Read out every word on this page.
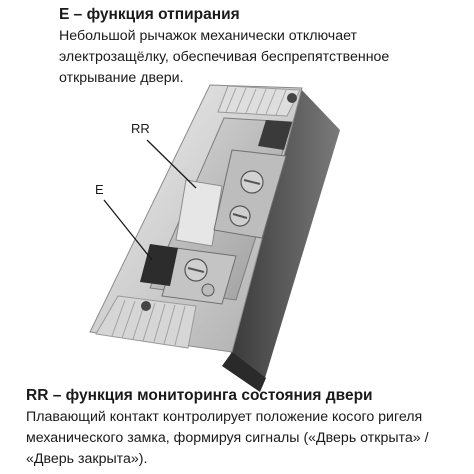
RR
E
E – функция отпирания
Небольшой рычажок механически отключает
электрозащёлку, обеспечивая беспрепятственное
открывание двери.
RR – функция мониторинга состояния двери
Плавающий контакт контролирует положение косого ригеля
механического замка, формируя сигналы («Дверь открыта» /
«Дверь закрыта»).
